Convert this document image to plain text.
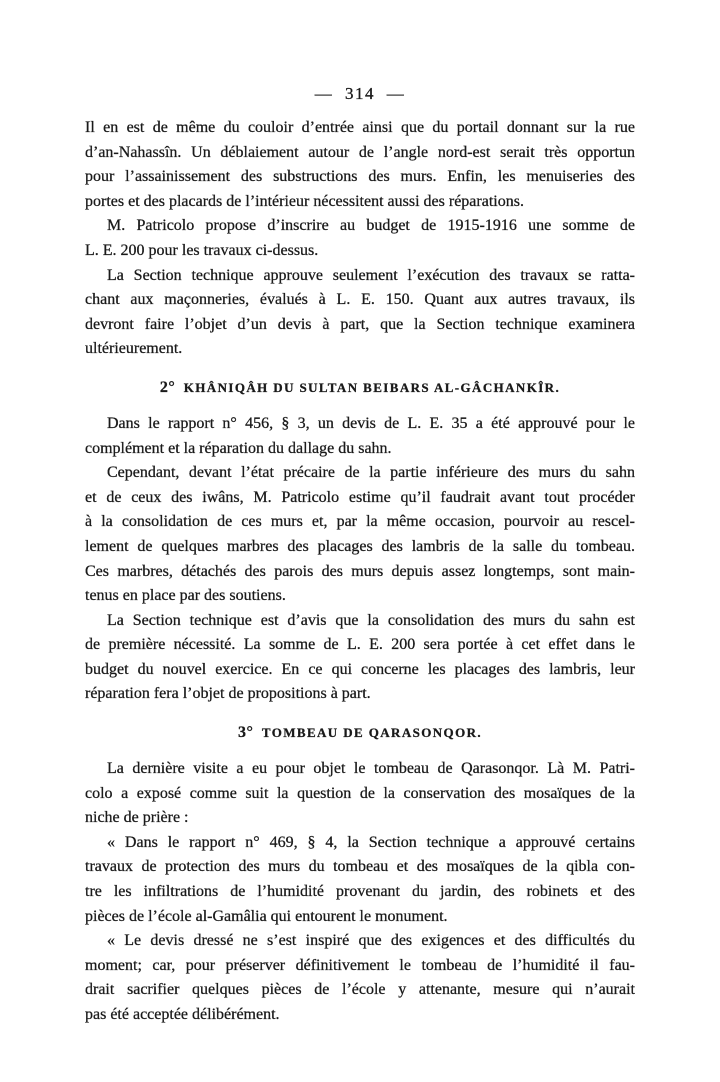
— 314 —
Il en est de même du couloir d’entrée ainsi que du portail donnant sur la rue
d’an-Nahassîn. Un déblaiement autour de l’angle nord-est serait très opportun
pour l’assainissement des substructions des murs. Enfin, les menuiseries des
portes et des placards de l’intérieur nécessitent aussi des réparations.
M. Patricolo propose d’inscrire au budget de 1915-1916 une somme de
L. E. 200 pour les travaux ci-dessus.
La Section technique approuve seulement l’exécution des travaux se ratta-
chant aux maçonneries, évalués à L. E. 150. Quant aux autres travaux, ils
devront faire l’objet d’un devis à part, que la Section technique examinera
ultérieurement.
2° KHÂNIQÂH DU SULTAN BEIBARS AL-GÂCHANKÎR.
Dans le rapport n° 456, § 3, un devis de L. E. 35 a été approuvé pour le
complément et la réparation du dallage du sahn.
Cependant, devant l’état précaire de la partie inférieure des murs du sahn
et de ceux des iwâns, M. Patricolo estime qu’il faudrait avant tout procéder
à la consolidation de ces murs et, par la même occasion, pourvoir au rescel-
lement de quelques marbres des placages des lambris de la salle du tombeau.
Ces marbres, détachés des parois des murs depuis assez longtemps, sont main-
tenus en place par des soutiens.
La Section technique est d’avis que la consolidation des murs du sahn est
de première nécessité. La somme de L. E. 200 sera portée à cet effet dans le
budget du nouvel exercice. En ce qui concerne les placages des lambris, leur
réparation fera l’objet de propositions à part.
3° TOMBEAU DE QARASONQOR.
La dernière visite a eu pour objet le tombeau de Qarasonqor. Là M. Patri-
colo a exposé comme suit la question de la conservation des mosaïques de la
niche de prière :
« Dans le rapport n° 469, § 4, la Section technique a approuvé certains
travaux de protection des murs du tombeau et des mosaïques de la qibla con-
tre les infiltrations de l’humidité provenant du jardin, des robinets et des
pièces de l’école al-Gamâlia qui entourent le monument.
« Le devis dressé ne s’est inspiré que des exigences et des difficultés du
moment; car, pour préserver définitivement le tombeau de l’humidité il fau-
drait sacrifier quelques pièces de l’école y attenante, mesure qui n’aurait
pas été acceptée délibérément.
